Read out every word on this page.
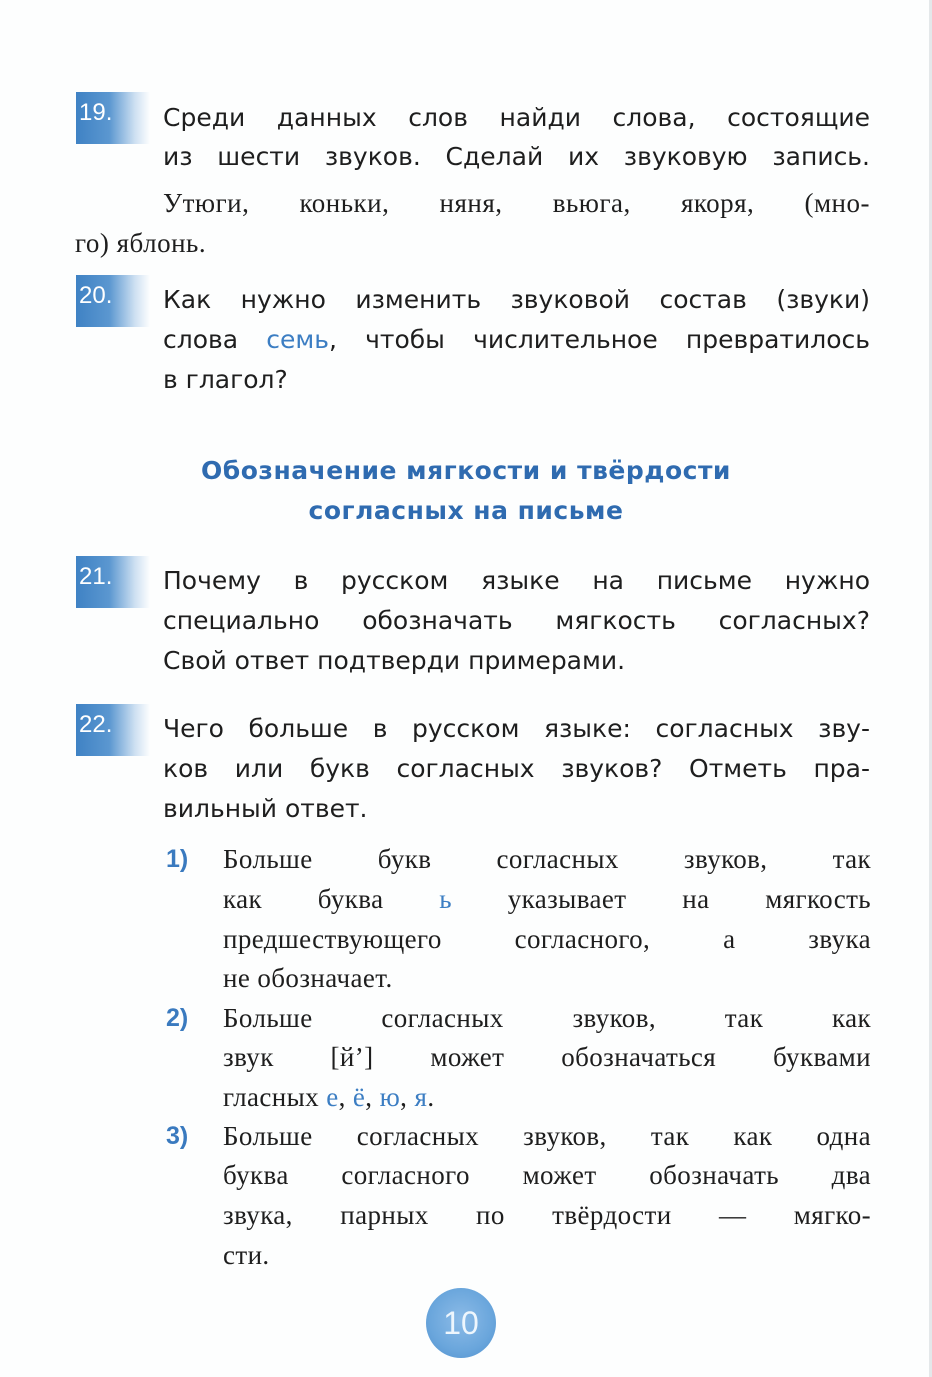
19.	Среди данных слов найди слова, состоящие
из шести звуков. Сделай их звуковую запись.
Утюги, коньки, няня, вьюга, якоря, (мно-
го) яблонь.
20.	Как нужно изменить звуковой состав (звуки)
слова семь, чтобы числительное превратилось
в глагол?
Обозначение мягкости и твёрдости
согласных на письме
21.	Почему в русском языке на письме нужно
специально обозначать мягкость согласных?
Свой ответ подтверди примерами.
22.	Чего больше в русском языке: согласных зву-
ков или букв согласных звуков? Отметь пра-
вильный ответ.
1) Больше букв согласных звуков, так
как буква ь указывает на мягкость
предшествующего согласного, а звука
не обозначает.
2) Больше согласных звуков, так как
звук [й’] может обозначаться буквами
гласных е, ё, ю, я.
3) Больше согласных звуков, так как одна
буква согласного может обозначать два
звука, парных по твёрдости — мягко-
сти.
10
